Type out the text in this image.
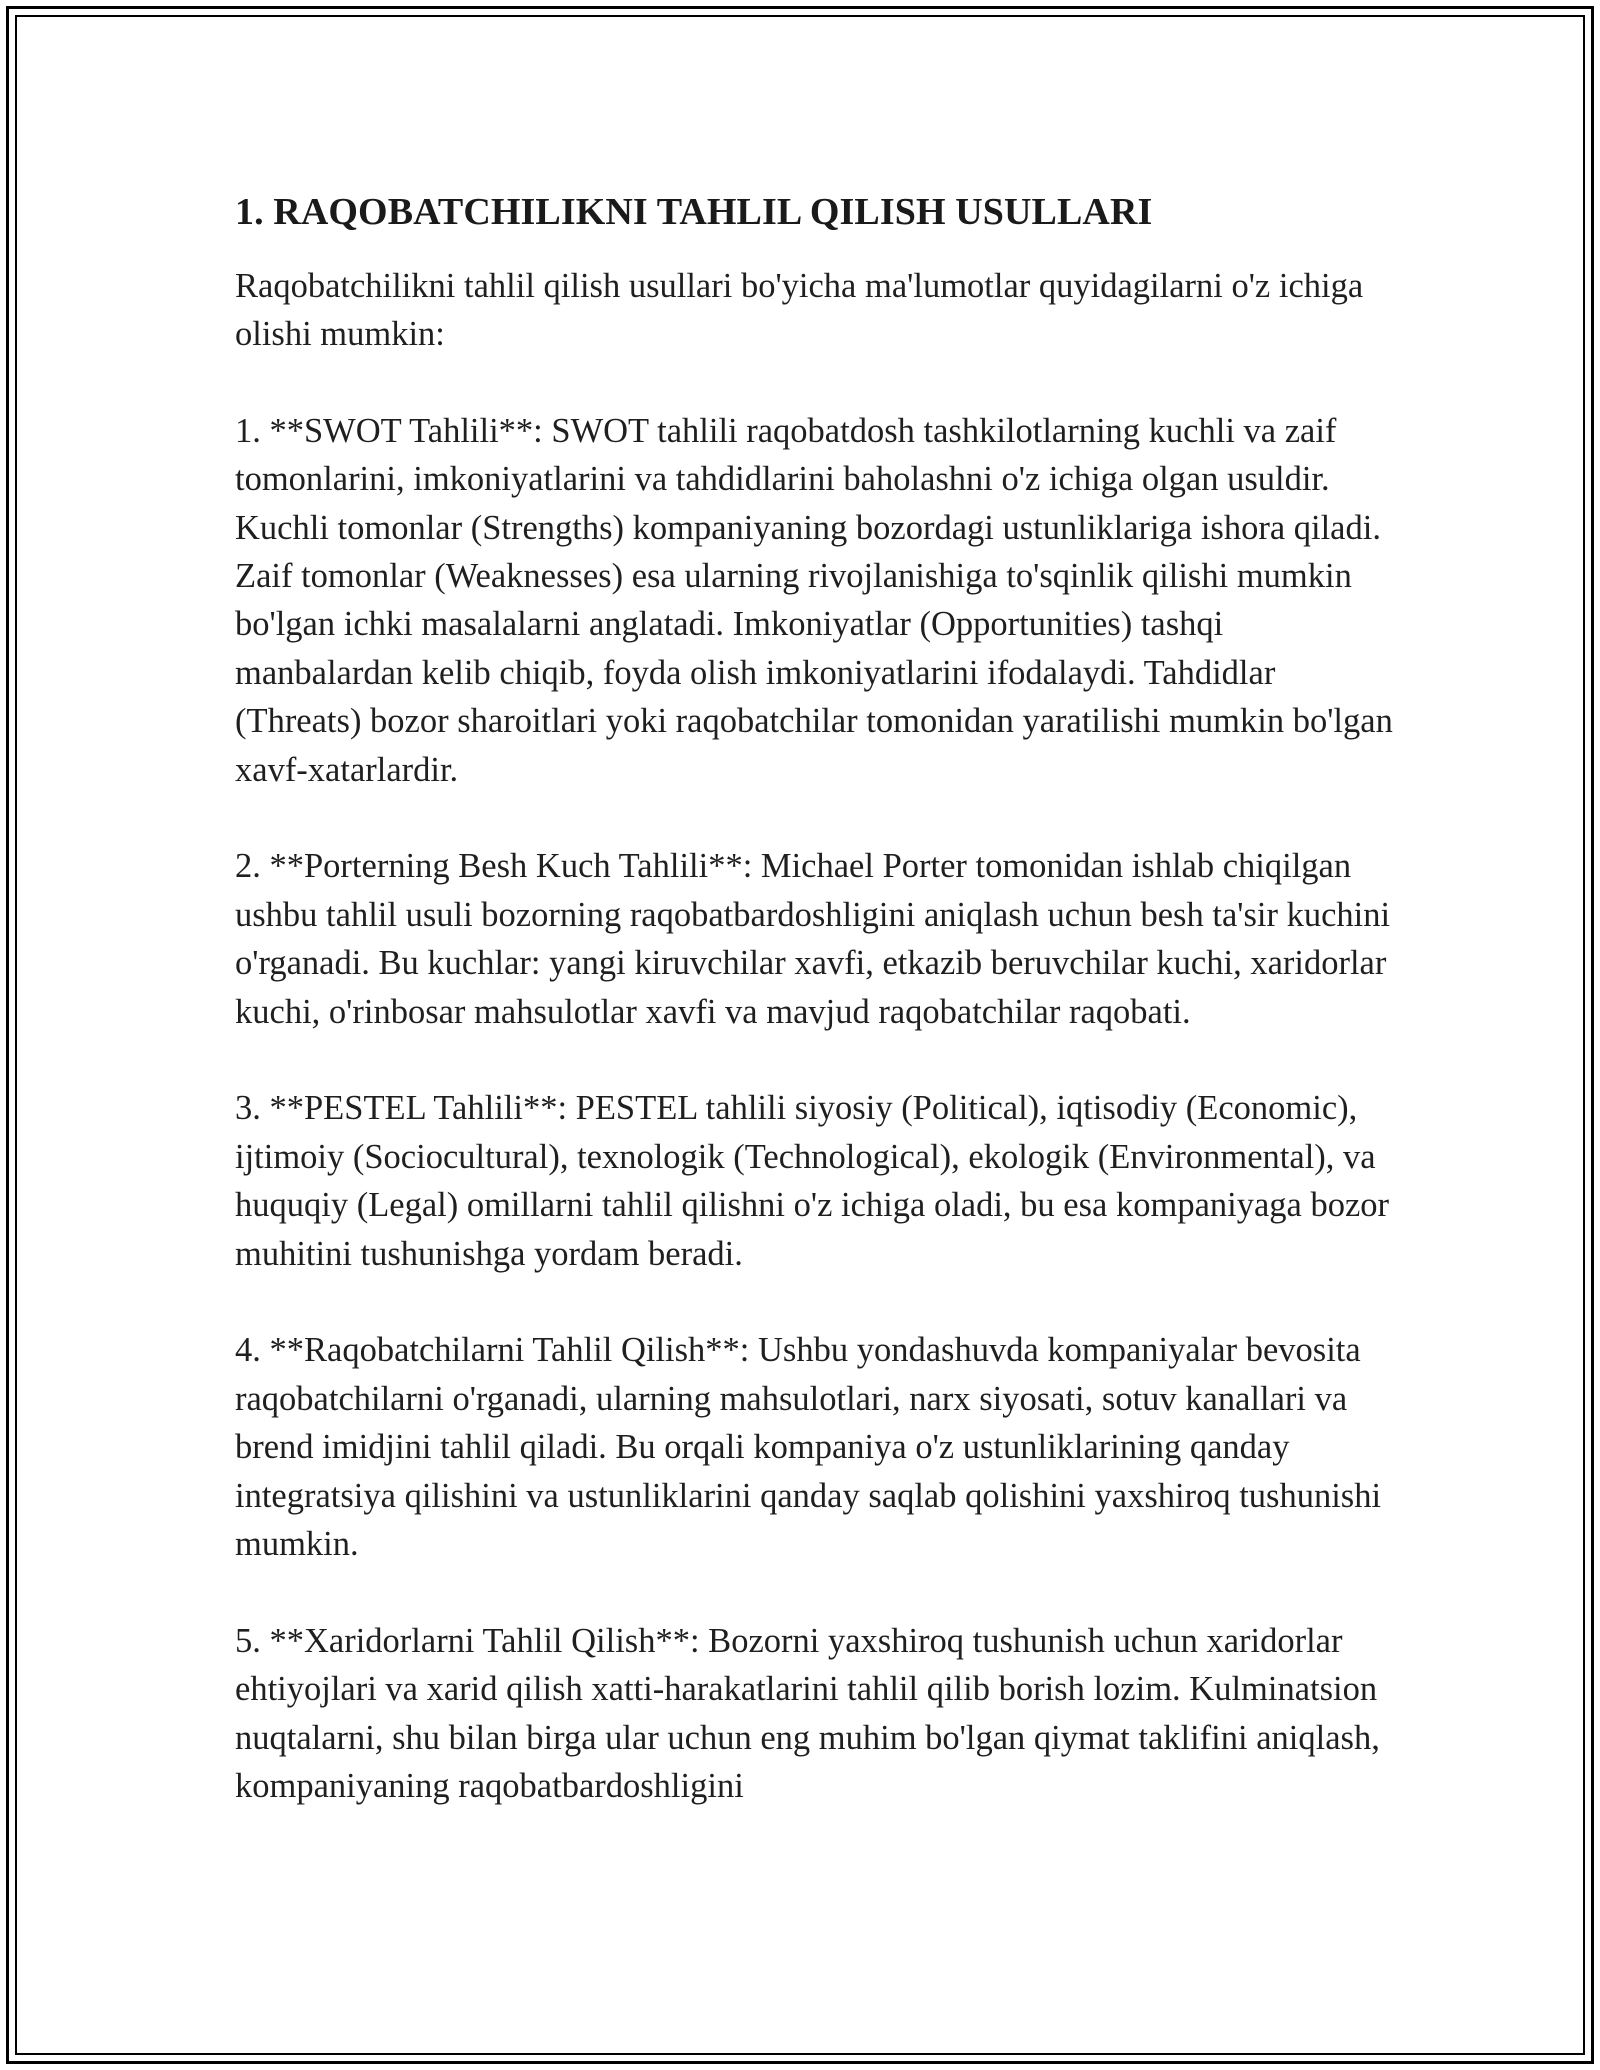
1. RAQOBATCHILIKNI TAHLIL QILISH USULLARI

Raqobatchilikni tahlil qilish usullari bo'yicha ma'lumotlar quyidagilarni o'z ichiga olishi mumkin:

1. **SWOT Tahlili**: SWOT tahlili raqobatdosh tashkilotlarning kuchli va zaif tomonlarini, imkoniyatlarini va tahdidlarini baholashni o'z ichiga olgan usuldir. Kuchli tomonlar (Strengths) kompaniyaning bozordagi ustunliklariga ishora qiladi. Zaif tomonlar (Weaknesses) esa ularning rivojlanishiga to'sqinlik qilishi mumkin bo'lgan ichki masalalarni anglatadi. Imkoniyatlar (Opportunities) tashqi manbalardan kelib chiqib, foyda olish imkoniyatlarini ifodalaydi. Tahdidlar (Threats) bozor sharoitlari yoki raqobatchilar tomonidan yaratilishi mumkin bo'lgan xavf-xatarlardir.

2. **Porterning Besh Kuch Tahlili**: Michael Porter tomonidan ishlab chiqilgan ushbu tahlil usuli bozorning raqobatbardoshligini aniqlash uchun besh ta'sir kuchini o'rganadi. Bu kuchlar: yangi kiruvchilar xavfi, etkazib beruvchilar kuchi, xaridorlar kuchi, o'rinbosar mahsulotlar xavfi va mavjud raqobatchilar raqobati.

3. **PESTEL Tahlili**: PESTEL tahlili siyosiy (Political), iqtisodiy (Economic), ijtimoiy (Sociocultural), texnologik (Technological), ekologik (Environmental), va huquqiy (Legal) omillarni tahlil qilishni o'z ichiga oladi, bu esa kompaniyaga bozor muhitini tushunishga yordam beradi.

4. **Raqobatchilarni Tahlil Qilish**: Ushbu yondashuvda kompaniyalar bevosita raqobatchilarni o'rganadi, ularning mahsulotlari, narx siyosati, sotuv kanallari va brend imidjini tahlil qiladi. Bu orqali kompaniya o'z ustunliklarining qanday integratsiya qilishini va ustunliklarini qanday saqlab qolishini yaxshiroq tushunishi mumkin.

5. **Xaridorlarni Tahlil Qilish**: Bozorni yaxshiroq tushunish uchun xaridorlar ehtiyojlari va xarid qilish xatti-harakatlarini tahlil qilib borish lozim. Kulminatsion nuqtalarni, shu bilan birga ular uchun eng muhim bo'lgan qiymat taklifini aniqlash, kompaniyaning raqobatbardoshligini
